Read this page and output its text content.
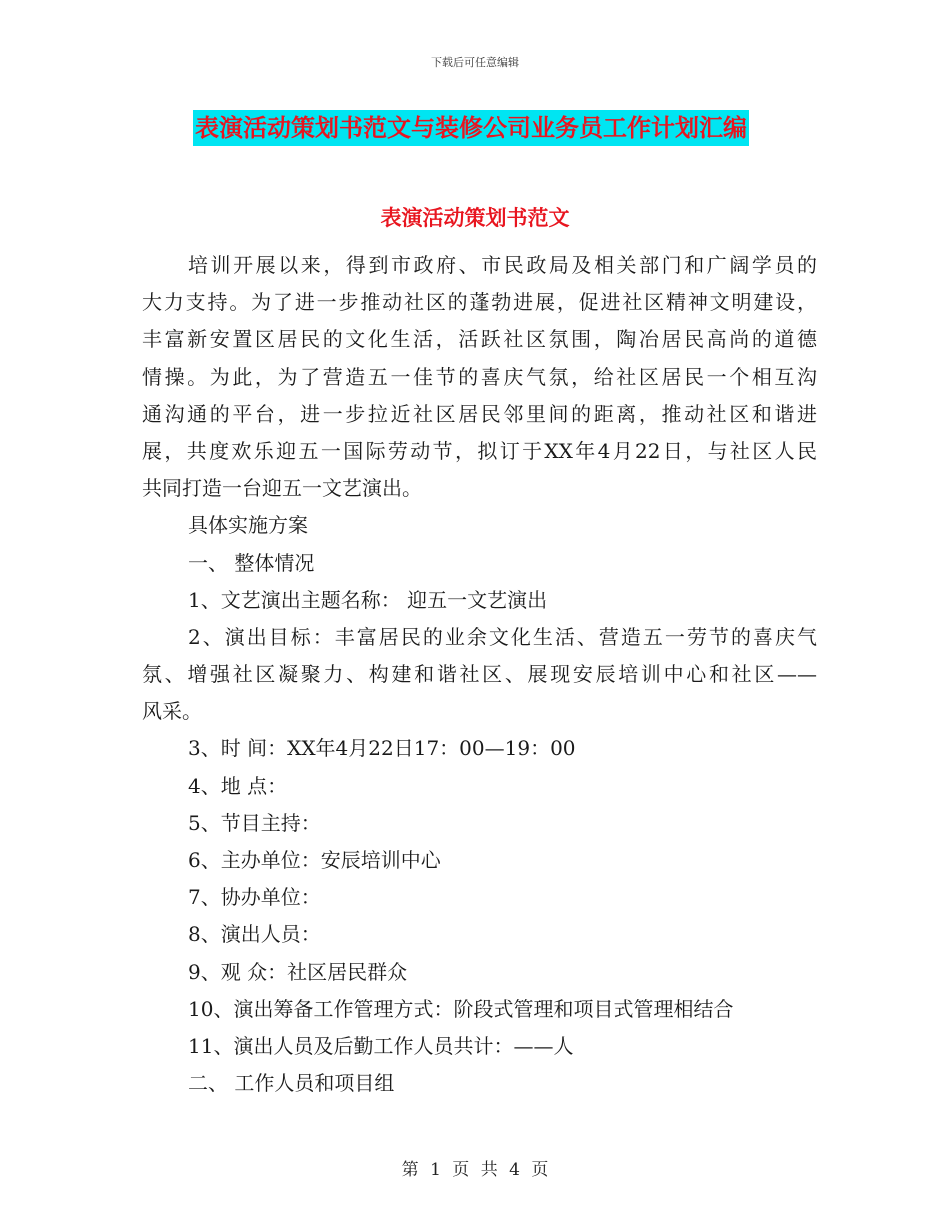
下载后可任意编辑
表演活动策划书范文与装修公司业务员工作计划汇编
表演活动策划书范文
培训开展以来，得到市政府、市民政局及相关部门和广阔学员的
大力支持。为了进一步推动社区的蓬勃进展，促进社区精神文明建设，
丰富新安置区居民的文化生活，活跃社区氛围，陶冶居民高尚的道德
情操。为此，为了营造五一佳节的喜庆气氛，给社区居民一个相互沟
通沟通的平台，进一步拉近社区居民邻里间的距离，推动社区和谐进
展，共度欢乐迎五一国际劳动节，拟订于XX年4月22日，与社区人民
共同打造一台迎五一文艺演出。
具体实施方案
一、 整体情况
1、文艺演出主题名称： 迎五一文艺演出
2、演出目标：丰富居民的业余文化生活、营造五一劳节的喜庆气
氛、增强社区凝聚力、构建和谐社区、展现安辰培训中心和社区——
风采。
3、时 间：XX年4月22日17：00—19：00
4、地 点：
5、节目主持：
6、主办单位：安辰培训中心
7、协办单位：
8、演出人员：
9、观 众：社区居民群众
10、演出筹备工作管理方式：阶段式管理和项目式管理相结合
11、演出人员及后勤工作人员共计：——人
二、 工作人员和项目组
第 1 页 共 4 页
